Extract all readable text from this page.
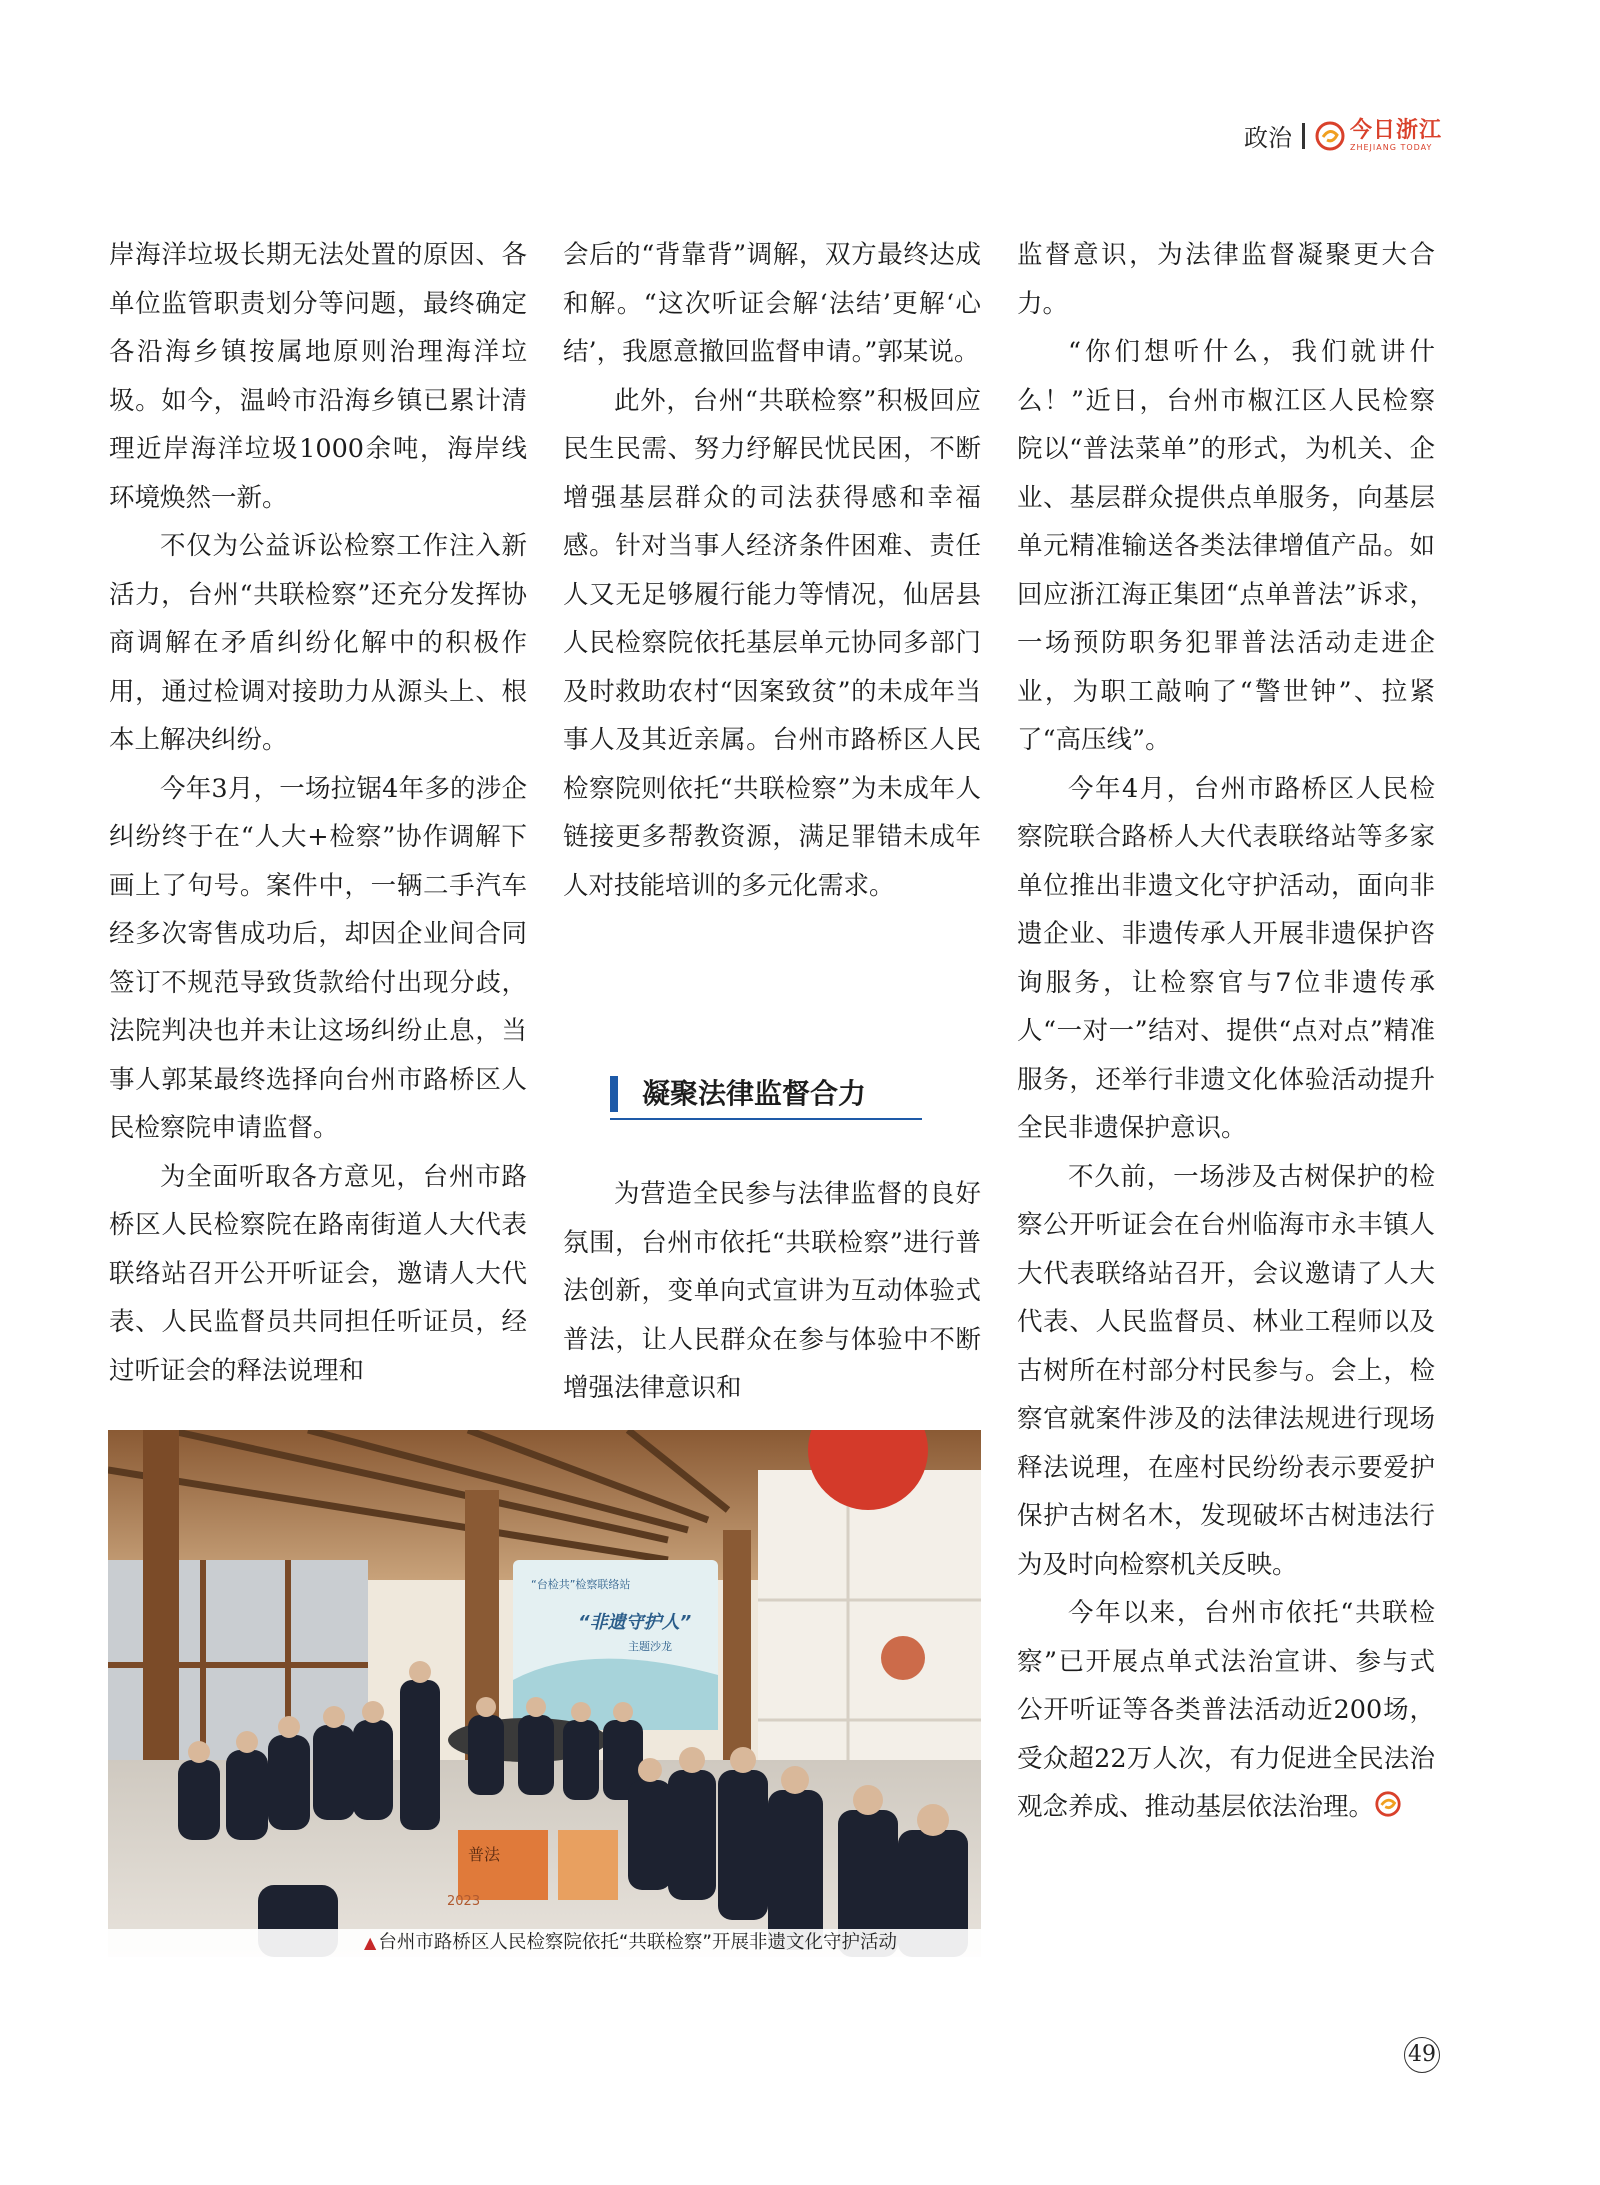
政治	今日浙江
ZHEJIANG TODAY

岸海洋垃圾长期无法处置的原因、各单位监管职责划分等问题，最终确定各沿海乡镇按属地原则治理海洋垃圾。如今，温岭市沿海乡镇已累计清理近岸海洋垃圾1000余吨，海岸线环境焕然一新。

不仅为公益诉讼检察工作注入新活力，台州“共联检察”还充分发挥协商调解在矛盾纠纷化解中的积极作用，通过检调对接助力从源头上、根本上解决纠纷。

今年3月，一场拉锯4年多的涉企纠纷终于在“人大+检察”协作调解下画上了句号。案件中，一辆二手汽车经多次寄售成功后，却因企业间合同签订不规范导致货款给付出现分歧，法院判决也并未让这场纠纷止息，当事人郭某最终选择向台州市路桥区人民检察院申请监督。

为全面听取各方意见，台州市路桥区人民检察院在路南街道人大代表联络站召开公开听证会，邀请人大代表、人民监督员共同担任听证员，经过听证会的释法说理和

会后的“背靠背”调解，双方最终达成和解。“这次听证会解‘法结’更解‘心结’，我愿意撤回监督申请。”郭某说。

此外，台州“共联检察”积极回应民生民需、努力纾解民忧民困，不断增强基层群众的司法获得感和幸福感。针对当事人经济条件困难、责任人又无足够履行能力等情况，仙居县人民检察院依托基层单元协同多部门及时救助农村“因案致贫”的未成年当事人及其近亲属。台州市路桥区人民检察院则依托“共联检察”为未成年人链接更多帮教资源，满足罪错未成年人对技能培训的多元化需求。

凝聚法律监督合力

为营造全民参与法律监督的良好氛围，台州市依托“共联检察”进行普法创新，变单向式宣讲为互动体验式普法，让人民群众在参与体验中不断增强法律意识和

监督意识，为法律监督凝聚更大合力。

“你们想听什么，我们就讲什么！”近日，台州市椒江区人民检察院以“普法菜单”的形式，为机关、企业、基层群众提供点单服务，向基层单元精准输送各类法律增值产品。如回应浙江海正集团“点单普法”诉求，一场预防职务犯罪普法活动走进企业，为职工敲响了“警世钟”、拉紧了“高压线”。

今年4月，台州市路桥区人民检察院联合路桥人大代表联络站等多家单位推出非遗文化守护活动，面向非遗企业、非遗传承人开展非遗保护咨询服务，让检察官与7位非遗传承人“一对一”结对、提供“点对点”精准服务，还举行非遗文化体验活动提升全民非遗保护意识。

不久前，一场涉及古树保护的检察公开听证会在台州临海市永丰镇人大代表联络站召开，会议邀请了人大代表、人民监督员、林业工程师以及古树所在村部分村民参与。会上，检察官就案件涉及的法律法规进行现场释法说理，在座村民纷纷表示要爱护保护古树名木，发现破坏古树违法行为及时向检察机关反映。

今年以来，台州市依托“共联检察”已开展点单式法治宣讲、参与式公开听证等各类普法活动近200场，受众超22万人次，有力促进全民法治观念养成、推动基层依法治理。

“台检共”检察联络站
“非遗守护人”
主题沙龙
普法
2023
▲ 台州市路桥区人民检察院依托“共联检察”开展非遗文化守护活动
49
